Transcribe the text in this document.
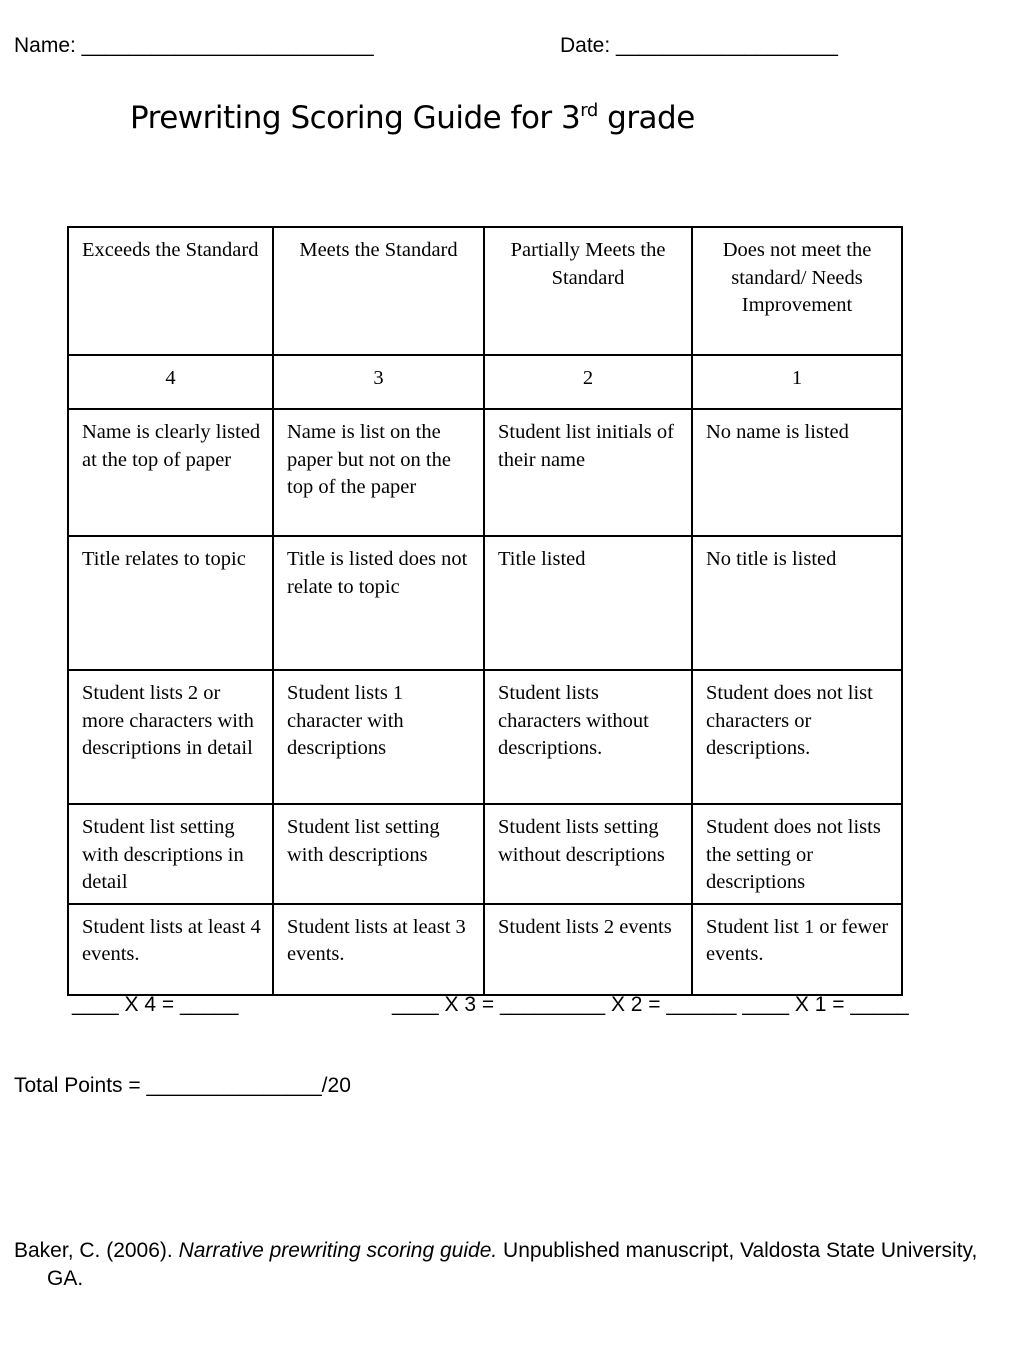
Name: _________________________	Date: ___________________
Prewriting Scoring Guide for 3rd grade
Exceeds the Standard	Meets the Standard	Partially Meets the Standard	Does not meet the standard/ Needs Improvement
4	3	2	1
Name is clearly listed at the top of paper	Name is list on the paper but not on the top of the paper	Student list initials of their name	No name is listed
Title relates to topic	Title is listed does not relate to topic	Title listed	No title is listed
Student lists 2 or more characters with descriptions in detail	Student lists 1 character with descriptions	Student lists characters without descriptions.	Student does not list characters or descriptions.
Student list setting with descriptions in detail	Student list setting with descriptions	Student lists setting without descriptions	Student does not lists the setting or descriptions
Student lists at least 4 events.	Student lists at least 3 events.	Student lists 2 events	Student list 1 or fewer events.
____ X 4 = _____	____ X 3 = _________ X 2 = ______ ____ X 1 = _____
Total Points = _______________/20
Baker, C. (2006). Narrative prewriting scoring guide. Unpublished manuscript, Valdosta State University, GA.
